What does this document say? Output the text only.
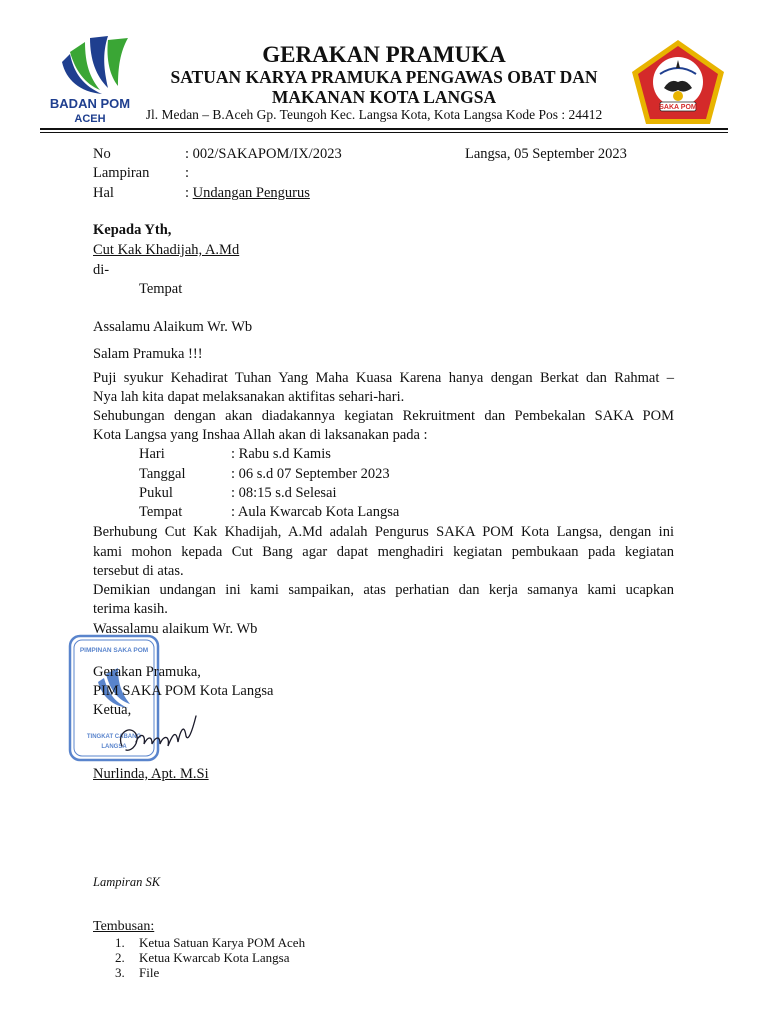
BADAN POM
ACEH
SAKA POM
GERAKAN PRAMUKA
SATUAN KARYA PRAMUKA PENGAWAS OBAT DAN
MAKANAN KOTA LANGSA
Jl. Medan – B.Aceh Gp. Teungoh Kec. Langsa Kota, Kota Langsa Kode Pos : 24412
No	: 002/SAKAPOM/IX/2023	Langsa, 05 September 2023
Lampiran :
Hal	: Undangan Pengurus
Kepada Yth,
Cut Kak Khadijah, A.Md
di-
Tempat
Assalamu Alaikum Wr. Wb
Salam Pramuka !!!
Puji syukur Kehadirat Tuhan Yang Maha Kuasa Karena hanya dengan Berkat dan Rahmat –
Nya lah kita dapat melaksanakan aktifitas sehari-hari.
Sehubungan dengan akan diadakannya kegiatan Rekruitment dan Pembekalan SAKA POM
Kota Langsa yang Inshaa Allah akan di laksanakan pada :
Hari	: Rabu s.d Kamis
Tanggal	: 06 s.d 07 September 2023
Pukul	: 08:15 s.d Selesai
Tempat	: Aula Kwarcab Kota Langsa
Berhubung Cut Kak Khadijah, A.Md adalah Pengurus SAKA POM Kota Langsa, dengan ini
kami mohon kepada Cut Bang agar dapat menghadiri kegiatan pembukaan pada kegiatan
tersebut di atas.
Demikian undangan ini kami sampaikan, atas perhatian dan kerja samanya kami ucapkan
terima kasih.
Wassalamu alaikum Wr. Wb
PIMPINAN SAKA POM
TINGKAT CABANG
LANGSA
Gerakan Pramuka,
PIM SAKA POM Kota Langsa
Ketua,
Nurlinda, Apt. M.Si
Lampiran SK
Tembusan:
1. Ketua Satuan Karya POM Aceh
2. Ketua Kwarcab Kota Langsa
3. File
